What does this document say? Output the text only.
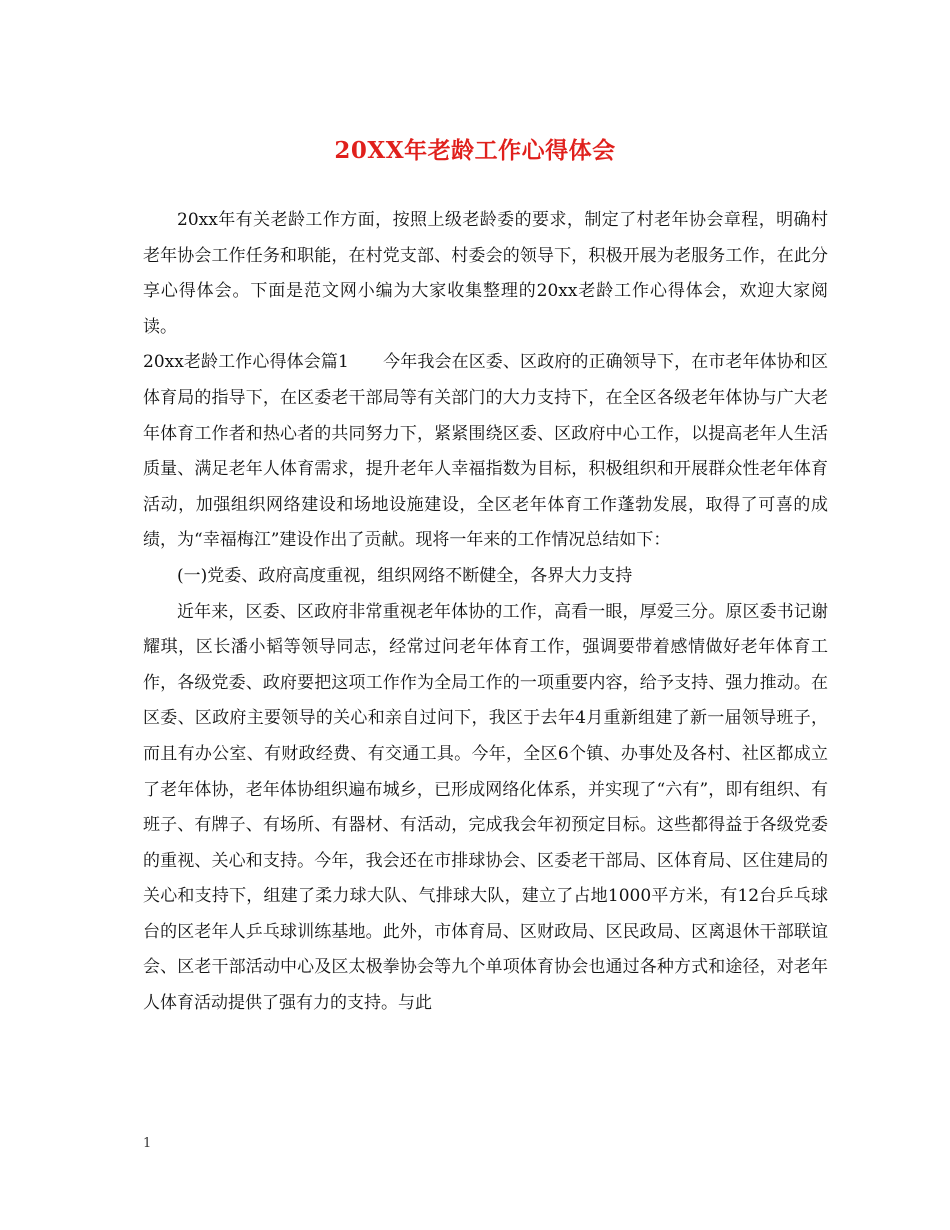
20XX年老龄工作心得体会

20xx年有关老龄工作方面，按照上级老龄委的要求，制定了村老年协会章程，明确村老年协会工作任务和职能，在村党支部、村委会的领导下，积极开展为老服务工作，在此分享心得体会。下面是范文网小编为大家收集整理的20xx老龄工作心得体会，欢迎大家阅读。

20xx老龄工作心得体会篇1　　今年我会在区委、区政府的正确领导下，在市老年体协和区体育局的指导下，在区委老干部局等有关部门的大力支持下，在全区各级老年体协与广大老年体育工作者和热心者的共同努力下，紧紧围绕区委、区政府中心工作，以提高老年人生活质量、满足老年人体育需求，提升老年人幸福指数为目标，积极组织和开展群众性老年体育活动，加强组织网络建设和场地设施建设，全区老年体育工作蓬勃发展，取得了可喜的成绩，为“幸福梅江”建设作出了贡献。现将一年来的工作情况总结如下：

(一)党委、政府高度重视，组织网络不断健全，各界大力支持

近年来，区委、区政府非常重视老年体协的工作，高看一眼，厚爱三分。原区委书记谢耀琪，区长潘小韬等领导同志，经常过问老年体育工作，强调要带着感情做好老年体育工作，各级党委、政府要把这项工作作为全局工作的一项重要内容，给予支持、强力推动。在区委、区政府主要领导的关心和亲自过问下，我区于去年4月重新组建了新一届领导班子，而且有办公室、有财政经费、有交通工具。今年，全区6个镇、办事处及各村、社区都成立了老年体协，老年体协组织遍布城乡，已形成网络化体系，并实现了“六有”，即有组织、有班子、有牌子、有场所、有器材、有活动，完成我会年初预定目标。这些都得益于各级党委的重视、关心和支持。今年，我会还在市排球协会、区委老干部局、区体育局、区住建局的关心和支持下，组建了柔力球大队、气排球大队，建立了占地1000平方米，有12台乒乓球台的区老年人乒乓球训练基地。此外，市体育局、区财政局、区民政局、区离退休干部联谊会、区老干部活动中心及区太极拳协会等九个单项体育协会也通过各种方式和途径，对老年人体育活动提供了强有力的支持。与此

1
